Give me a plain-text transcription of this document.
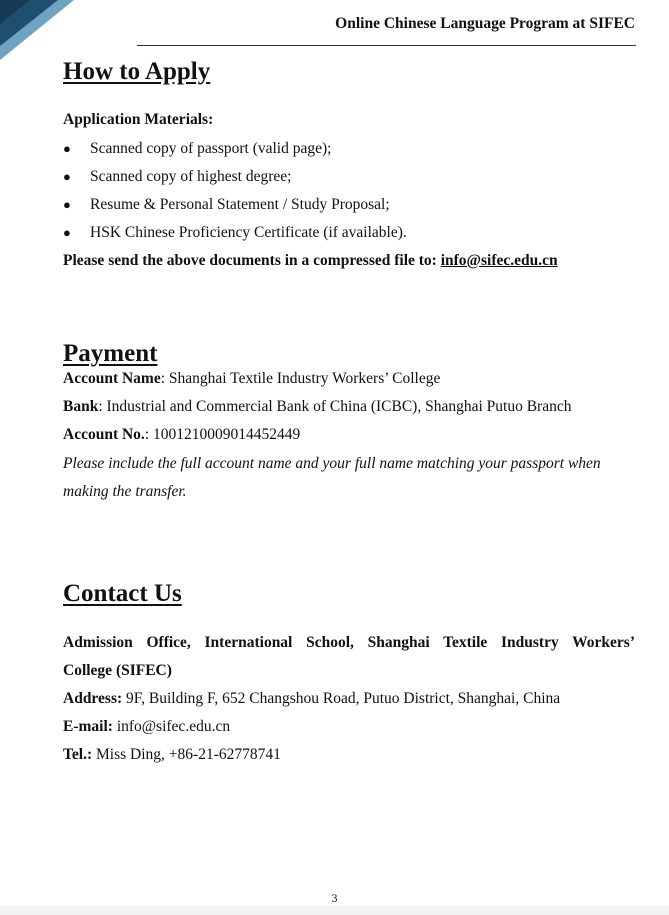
Online Chinese Language Program at SIFEC
How to Apply
Application Materials:
● Scanned copy of passport (valid page);
● Scanned copy of highest degree;
● Resume & Personal Statement / Study Proposal;
● HSK Chinese Proficiency Certificate (if available).
Please send the above documents in a compressed file to: info@sifec.edu.cn
Payment
Account Name: Shanghai Textile Industry Workers’ College
Bank: Industrial and Commercial Bank of China (ICBC), Shanghai Putuo Branch
Account No.: 1001210009014452449
Please include the full account name and your full name matching your passport when
making the transfer.
Contact Us
Admission Office, International School, Shanghai Textile Industry Workers’
College (SIFEC)
Address: 9F, Building F, 652 Changshou Road, Putuo District, Shanghai, China
E-mail: info@sifec.edu.cn
Tel.: Miss Ding, +86-21-62778741
3
